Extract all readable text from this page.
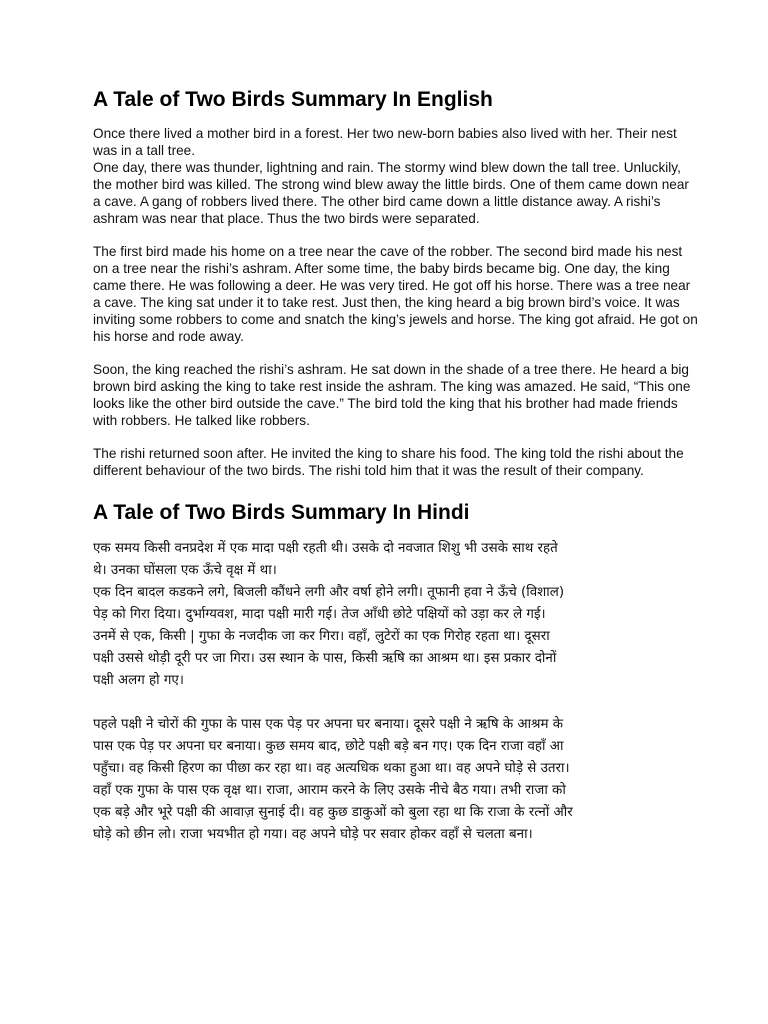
A Tale of Two Birds Summary In English
Once there lived a mother bird in a forest. Her two new-born babies also lived with her. Their nest was in a tall tree.
One day, there was thunder, lightning and rain. The stormy wind blew down the tall tree. Unluckily, the mother bird was killed. The strong wind blew away the little birds. One of them came down near a cave. A gang of robbers lived there. The other bird came down a little distance away. A rishi’s ashram was near that place. Thus the two birds were separated.
The first bird made his home on a tree near the cave of the robber. The second bird made his nest on a tree near the rishi’s ashram. After some time, the baby birds became big. One day, the king came there. He was following a deer. He was very tired. He got off his horse. There was a tree near a cave. The king sat under it to take rest. Just then, the king heard a big brown bird’s voice. It was inviting some robbers to come and snatch the king’s jewels and horse. The king got afraid. He got on his horse and rode away.
Soon, the king reached the rishi’s ashram. He sat down in the shade of a tree there. He heard a big brown bird asking the king to take rest inside the ashram. The king was amazed. He said, “This one looks like the other bird outside the cave.” The bird told the king that his brother had made friends with robbers. He talked like robbers.
The rishi returned soon after. He invited the king to share his food. The king told the rishi about the different behaviour of the two birds. The rishi told him that it was the result of their company.
A Tale of Two Birds Summary In Hindi
एक समय किसी वनप्रदेश में एक मादा पक्षी रहती थी। उसके दो नवजात शिशु भी उसके साथ रहते
थे। उनका घोंसला एक ऊँचे वृक्ष में था।
एक दिन बादल कडकने लगे, बिजली कौंधने लगी और वर्षा होने लगी। तूफानी हवा ने ऊँचे (विशाल)
पेड़ को गिरा दिया। दुर्भाग्यवश, मादा पक्षी मारी गई। तेज आँधी छोटे पक्षियों को उड़ा कर ले गई।
उनमें से एक, किसी | गुफा के नजदीक जा कर गिरा। वहाँ, लुटेरों का एक गिरोह रहता था। दूसरा
पक्षी उससे थोड़ी दूरी पर जा गिरा। उस स्थान के पास, किसी ऋषि का आश्रम था। इस प्रकार दोनों
पक्षी अलग हो गए।
पहले पक्षी ने चोरों की गुफा के पास एक पेड़ पर अपना घर बनाया। दूसरे पक्षी ने ऋषि के आश्रम के
पास एक पेड़ पर अपना घर बनाया। कुछ समय बाद, छोटे पक्षी बड़े बन गए। एक दिन राजा वहाँ आ
पहुँचा। वह किसी हिरण का पीछा कर रहा था। वह अत्यधिक थका हुआ था। वह अपने घोड़े से उतरा।
वहाँ एक गुफा के पास एक वृक्ष था। राजा, आराम करने के लिए उसके नीचे बैठ गया। तभी राजा को
एक बड़े और भूरे पक्षी की आवाज़ सुनाई दी। वह कुछ डाकुओं को बुला रहा था कि राजा के रत्नों और
घोड़े को छीन लो। राजा भयभीत हो गया। वह अपने घोड़े पर सवार होकर वहाँ से चलता बना।
